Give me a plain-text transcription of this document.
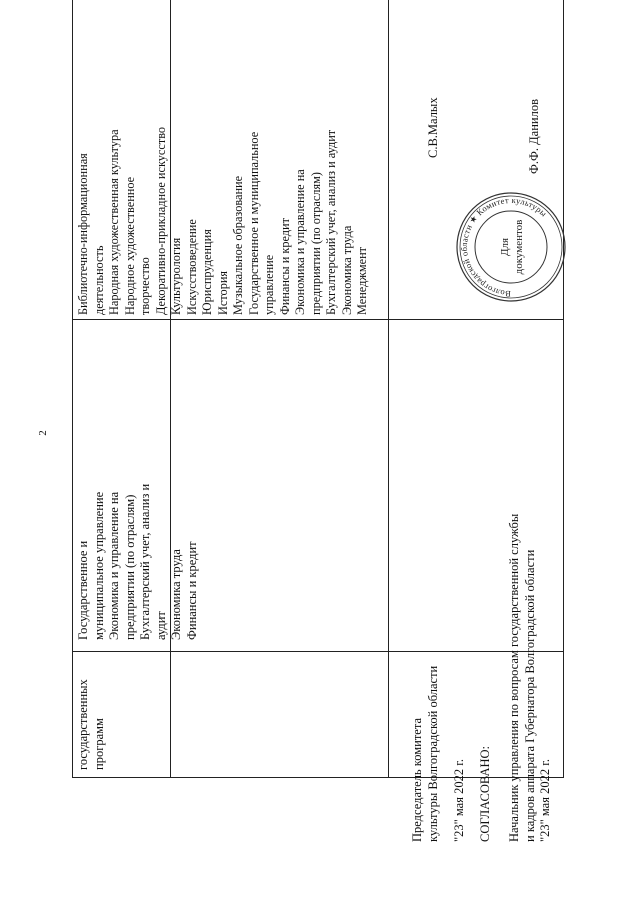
2
Государственное и муниципальное управление Экономика и управление на предприятии (по отраслям) Бухгалтерский учет, анализ и аудит Экономика труда Финансы и кредит
Библиотечно-информационная деятельность Народная художественная культура Народное художественное творчество Декоративно-прикладное искусство Культурология Искусствоведение Юриспруденция История Музыкальное образование Государственное и муниципальное управление Финансы и кредит Экономика и управление на предприятии (по отраслям) Бухгалтерский учет, анализ и аудит Экономика труда Менеджмент
Председатель комитета культуры Волгоградской области
С.В.Малых
"23" мая 2022 г. СОГЛАСОВАНО: Начальник управления по вопросам государственной службы и кадров аппарата Губернатора Волгоградской области "23" мая 2022 г.
Ф.Ф. Данилов
Волгоградской области ★ Комитет культуры
Для документов
государственных программ
